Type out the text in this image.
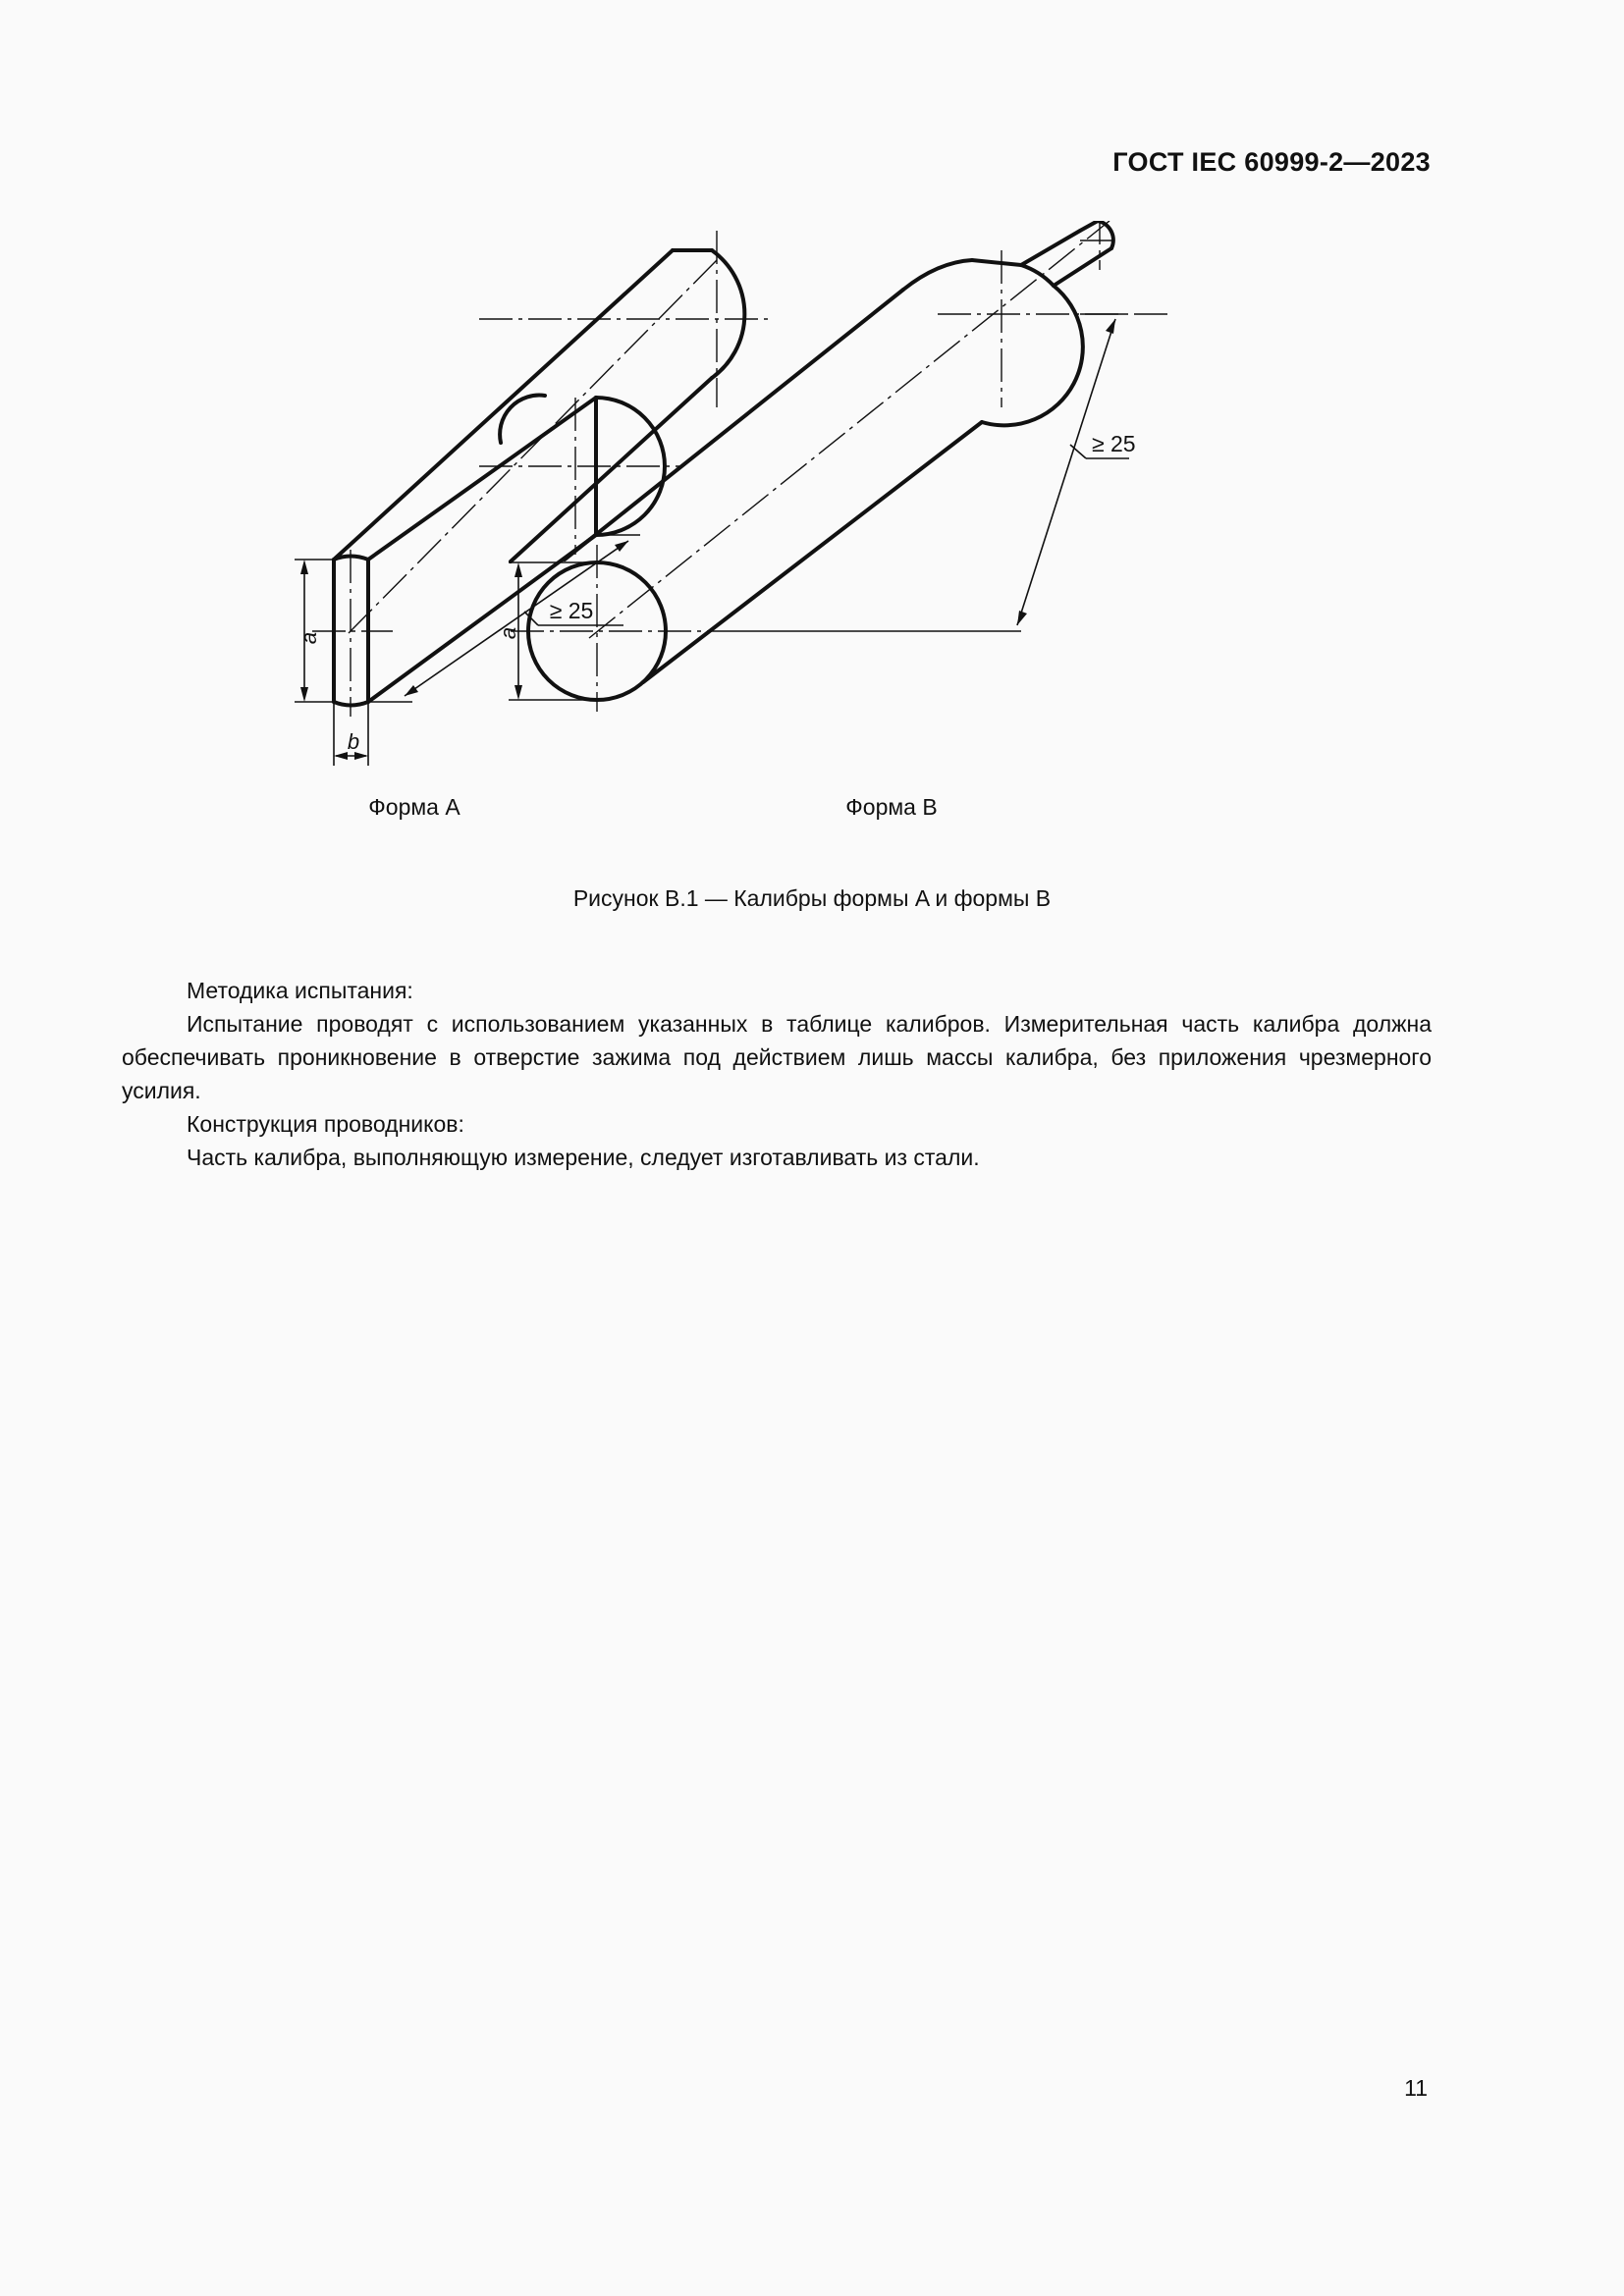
ГОСТ IEC 60999-2—2023
a
b
≥ 25
a
≥ 25
Форма A	Форма B
Рисунок B.1 — Калибры формы A и формы B

Методика испытания:

Испытание проводят с использованием указанных в таблице калибров. Измерительная часть калибра должна обеспечивать проникновение в отверстие зажима под действием лишь массы калибра, без приложения чрезмерного усилия.

Конструкция проводников:

Часть калибра, выполняющую измерение, следует изготавливать из стали.

11
